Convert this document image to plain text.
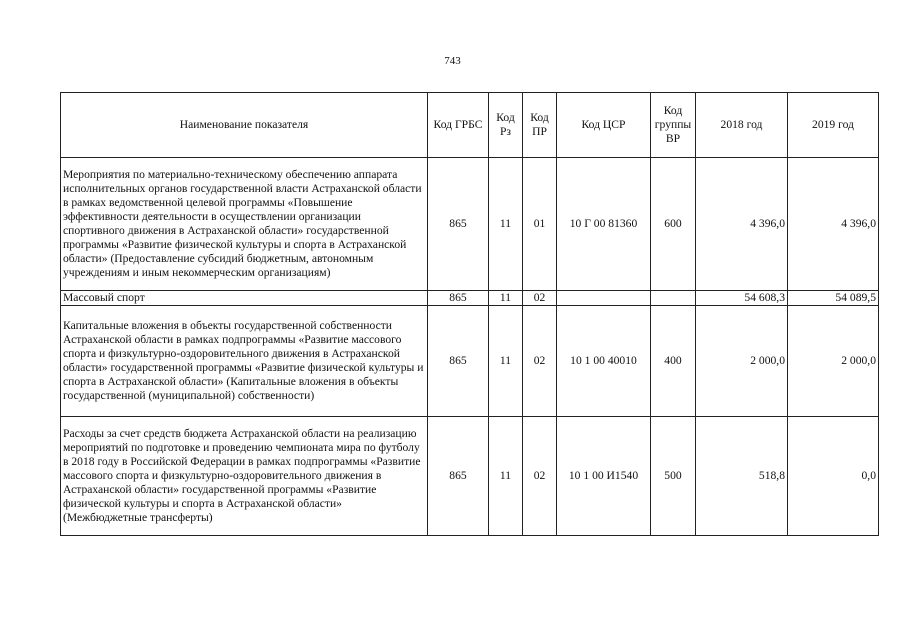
743
Наименование показателя	Код ГРБС	Код Рз	Код ПР	Код ЦСР	Код группы ВР	2018 год	2019 год
Мероприятия по материально-техническому обеспечению аппарата исполнительных органов государственной власти Астраханской области в рамках ведомственной целевой программы «Повышение эффективности деятельности в осуществлении организации спортивного движения в Астраханской области» государственной программы «Развитие физической культуры и спорта в Астраханской области» (Предоставление субсидий бюджетным, автономным учреждениям и иным некоммерческим организациям)	865	11	01	10 Г 00 81360	600	4 396,0	4 396,0
Массовый спорт	865	11	02			54 608,3	54 089,5
Капитальные вложения в объекты государственной собственности Астраханской области в рамках подпрограммы «Развитие массового спорта и физкультурно-оздоровительного движения в Астраханской области» государственной программы «Развитие физической культуры и спорта в Астраханской области» (Капитальные вложения в объекты государственной (муниципальной) собственности)	865	11	02	10 1 00 40010	400	2 000,0	2 000,0
Расходы за счет средств бюджета Астраханской области на реализацию мероприятий по подготовке и проведению чемпионата мира по футболу в 2018 году в Российской Федерации в рамках подпрограммы «Развитие массового спорта и физкультурно-оздоровительного движения в Астраханской области» государственной программы «Развитие физической культуры и спорта в Астраханской области» (Межбюджетные трансферты)	865	11	02	10 1 00 И1540	500	518,8	0,0
